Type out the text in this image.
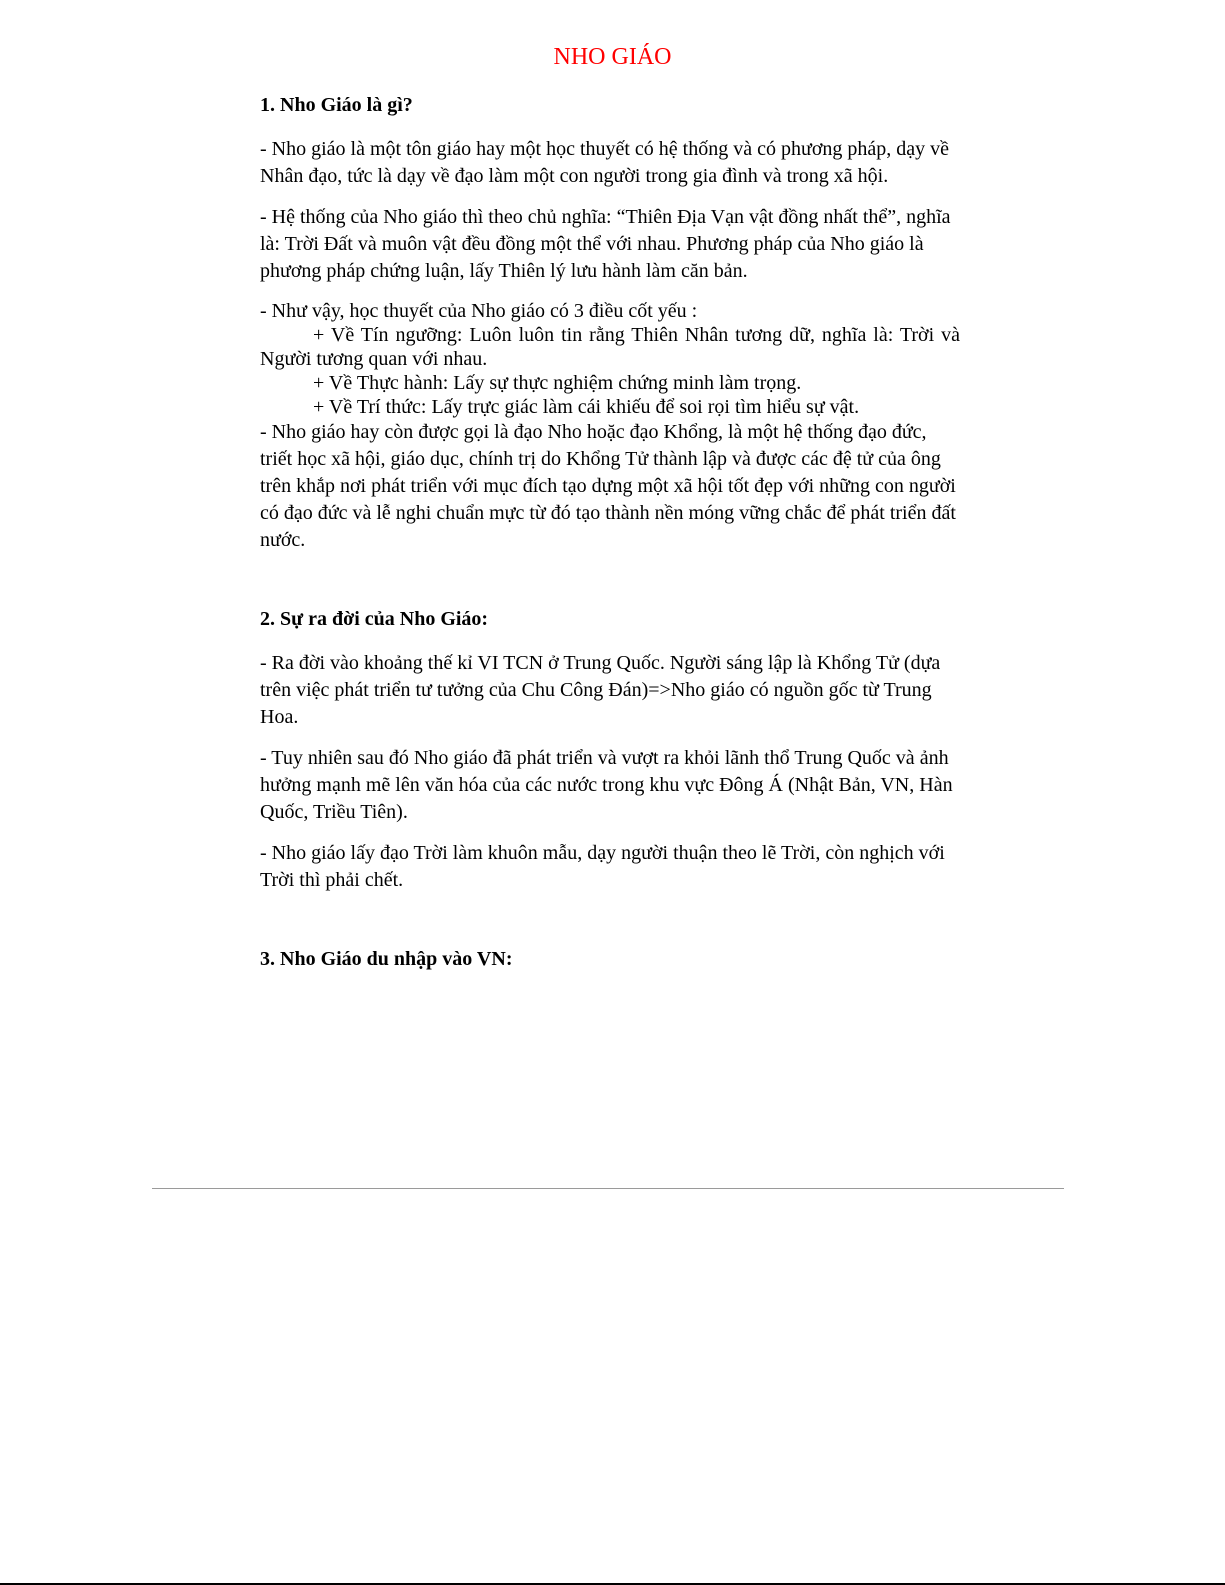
NHO GIÁO

1. Nho Giáo là gì?

- Nho giáo là một tôn giáo hay một học thuyết có hệ thống và có phương pháp, dạy về Nhân đạo, tức là dạy về đạo làm một con người trong gia đình và trong xã hội.

- Hệ thống của Nho giáo thì theo chủ nghĩa: “Thiên Địa Vạn vật đồng nhất thể”, nghĩa là: Trời Đất và muôn vật đều đồng một thể với nhau. Phương pháp của Nho giáo là phương pháp chứng luận, lấy Thiên lý lưu hành làm căn bản.

- Như vậy, học thuyết của Nho giáo có 3 điều cốt yếu :

+ Về Tín ngưỡng: Luôn luôn tin rằng Thiên Nhân tương dữ, nghĩa là: Trời và Người tương quan với nhau.

+ Về Thực hành: Lấy sự thực nghiệm chứng minh làm trọng.

+ Về Trí thức: Lấy trực giác làm cái khiếu để soi rọi tìm hiểu sự vật.

- Nho giáo hay còn được gọi là đạo Nho hoặc đạo Khổng, là một hệ thống đạo đức, triết học xã hội, giáo dục, chính trị do Khổng Tử thành lập và được các đệ tử của ông trên khắp nơi phát triển với mục đích tạo dựng một xã hội tốt đẹp với những con người có đạo đức và lễ nghi chuẩn mực từ đó tạo thành nền móng vững chắc để phát triển đất nước.

2. Sự ra đời của Nho Giáo:

- Ra đời vào khoảng thế kỉ VI TCN ở Trung Quốc. Người sáng lập là Khổng Tử (dựa trên việc phát triển tư tưởng của Chu Công Đán)=>Nho giáo có nguồn gốc từ Trung Hoa.

- Tuy nhiên sau đó Nho giáo đã phát triển và vượt ra khỏi lãnh thổ Trung Quốc và ảnh hưởng mạnh mẽ lên văn hóa của các nước trong khu vực Đông Á (Nhật Bản, VN, Hàn Quốc, Triều Tiên).

- Nho giáo lấy đạo Trời làm khuôn mẫu, dạy người thuận theo lẽ Trời, còn nghịch với Trời thì phải chết.

3. Nho Giáo du nhập vào VN:
